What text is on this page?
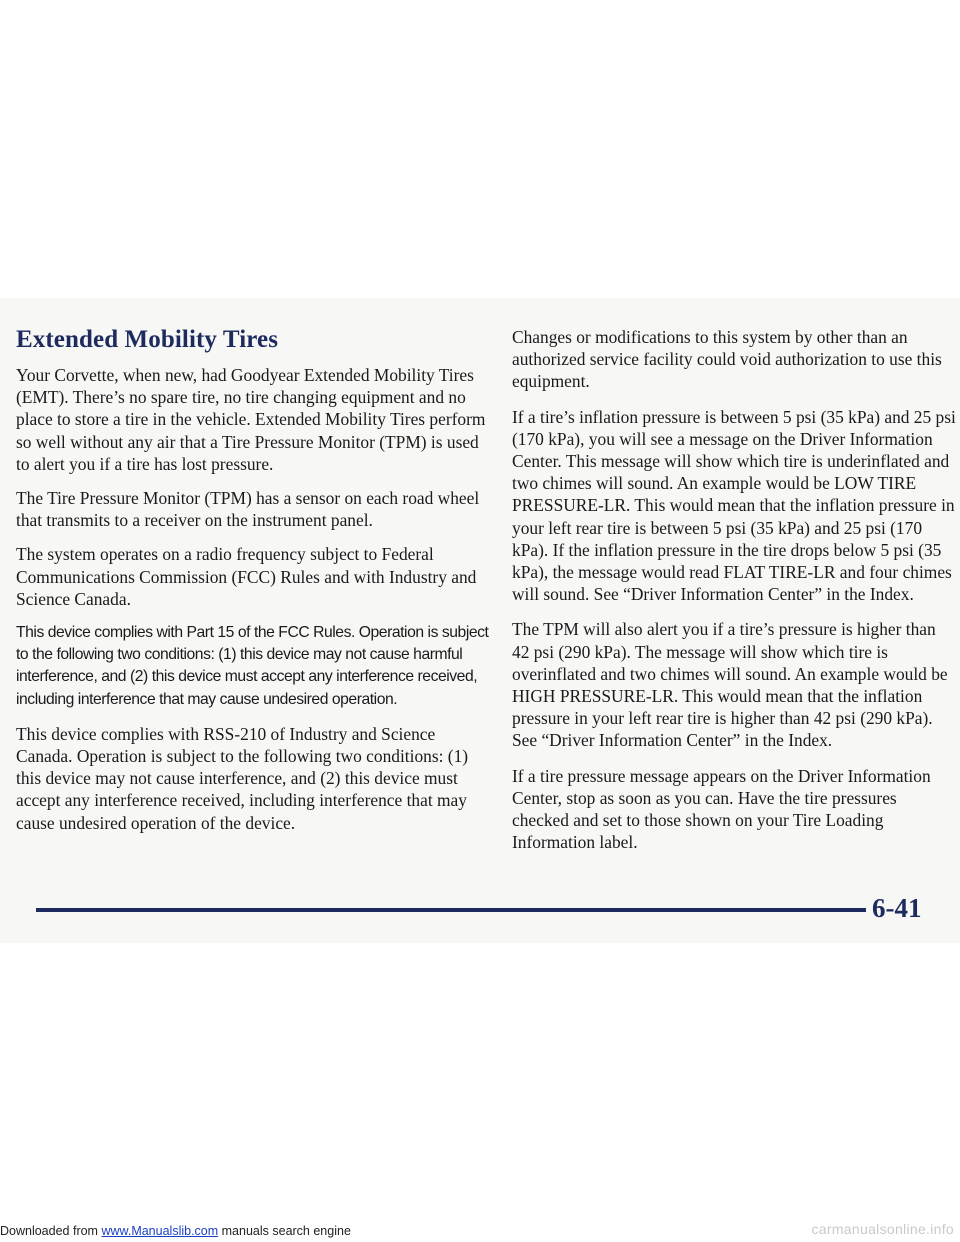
Extended Mobility Tires

Your Corvette, when new, had Goodyear Extended Mobility Tires (EMT). There’s no spare tire, no tire changing equipment and no place to store a tire in the vehicle. Extended Mobility Tires perform so well without any air that a Tire Pressure Monitor (TPM) is used to alert you if a tire has lost pressure.

The Tire Pressure Monitor (TPM) has a sensor on each road wheel that transmits to a receiver on the instrument panel.

The system operates on a radio frequency subject to Federal Communications Commission (FCC) Rules and with Industry and Science Canada.

This device complies with Part 15 of the FCC Rules. Operation is subject to the following two conditions: (1) this device may not cause harmful interference, and (2) this device must accept any interference received, including interference that may cause undesired operation.

This device complies with RSS-210 of Industry and Science Canada. Operation is subject to the following two conditions: (1) this device may not cause interference, and (2) this device must accept any interference received, including interference that may cause undesired operation of the device.

Changes or modifications to this system by other than an authorized service facility could void authorization to use this equipment.

If a tire’s inflation pressure is between 5 psi (35 kPa) and 25 psi (170 kPa), you will see a message on the Driver Information Center. This message will show which tire is underinflated and two chimes will sound. An example would be LOW TIRE PRESSURE-LR. This would mean that the inflation pressure in your left rear tire is between 5 psi (35 kPa) and 25 psi (170 kPa). If the inflation pressure in the tire drops below 5 psi (35 kPa), the message would read FLAT TIRE-LR and four chimes will sound. See “Driver Information Center” in the Index.

The TPM will also alert you if a tire’s pressure is higher than 42 psi (290 kPa). The message will show which tire is overinflated and two chimes will sound. An example would be HIGH PRESSURE-LR. This would mean that the inflation pressure in your left rear tire is higher than 42 psi (290 kPa). See “Driver Information Center” in the Index.

If a tire pressure message appears on the Driver Information Center, stop as soon as you can. Have the tire pressures checked and set to those shown on your Tire Loading Information label.

6-41
Downloaded from www.Manualslib.com manuals search engine	carmanualsonline.info
